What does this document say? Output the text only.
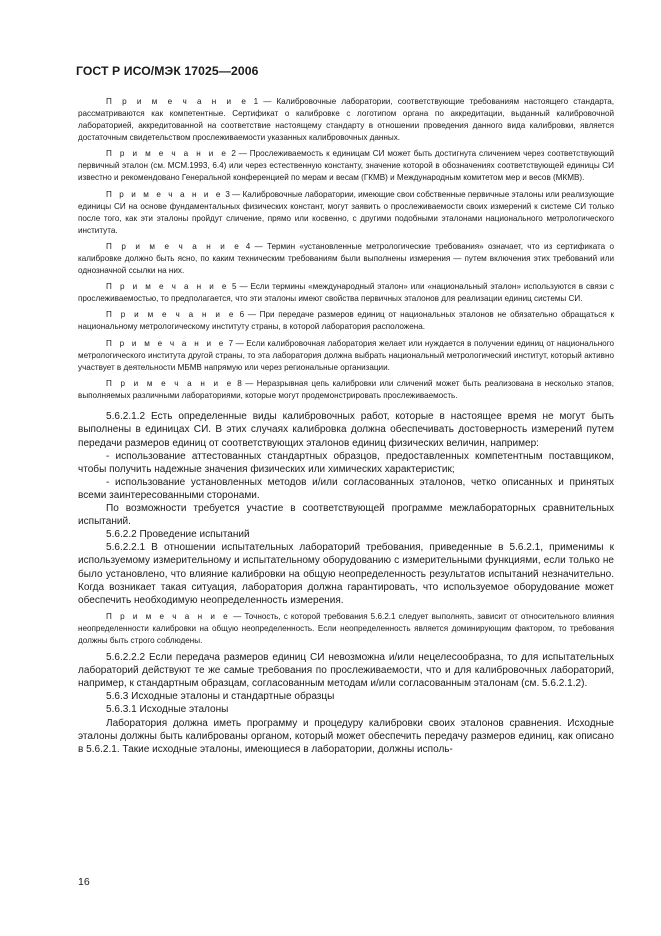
ГОСТ Р ИСО/МЭК 17025—2006

П р и м е ч а н и е 1 — Калибровочные лаборатории, соответствующие требованиям настоящего стандарта, рассматриваются как компетентные. Сертификат о калибровке с логотипом органа по аккредитации, выданный калибровочной лабораторией, аккредитованной на соответствие настоящему стандарту в отношении проведения данного вида калибровки, является достаточным свидетельством прослеживаемости указанных калибровочных данных.

П р и м е ч а н и е 2 — Прослеживаемость к единицам СИ может быть достигнута сличением через соответствующий первичный эталон (см. МСМ.1993, 6.4) или через естественную константу, значение которой в обозначениях соответствующей единицы СИ известно и рекомендовано Генеральной конференцией по мерам и весам (ГКМВ) и Международным комитетом мер и весов (МКМВ).

П р и м е ч а н и е 3 — Калибровочные лаборатории, имеющие свои собственные первичные эталоны или реализующие единицы СИ на основе фундаментальных физических констант, могут заявить о прослеживаемости своих измерений к системе СИ только после того, как эти эталоны пройдут сличение, прямо или косвенно, с другими подобными эталонами национального метрологического института.

П р и м е ч а н и е 4 — Термин «установленные метрологические требования» означает, что из сертификата о калибровке должно быть ясно, по каким техническим требованиям были выполнены измерения — путем включения этих требований или однозначной ссылки на них.

П р и м е ч а н и е 5 — Если термины «международный эталон» или «национальный эталон» используются в связи с прослеживаемостью, то предполагается, что эти эталоны имеют свойства первичных эталонов для реализации единиц системы СИ.

П р и м е ч а н и е 6 — При передаче размеров единиц от национальных эталонов не обязательно обращаться к национальному метрологическому институту страны, в которой лаборатория расположена.

П р и м е ч а н и е 7 — Если калибровочная лаборатория желает или нуждается в получении единиц от национального метрологического института другой страны, то эта лаборатория должна выбрать национальный метрологический институт, который активно участвует в деятельности МБМВ напрямую или через региональные организации.

П р и м е ч а н и е 8 — Неразрывная цепь калибровки или сличений может быть реализована в несколько этапов, выполняемых различными лабораториями, которые могут продемонстрировать прослеживаемость.

5.6.2.1.2 Есть определенные виды калибровочных работ, которые в настоящее время не могут быть выполнены в единицах СИ. В этих случаях калибровка должна обеспечивать достоверность измерений путем передачи размеров единиц от соответствующих эталонов единиц физических величин, например:

- использование аттестованных стандартных образцов, предоставленных компетентным поставщиком, чтобы получить надежные значения физических или химических характеристик;

- использование установленных методов и/или согласованных эталонов, четко описанных и принятых всеми заинтересованными сторонами.

По возможности требуется участие в соответствующей программе межлабораторных сравнительных испытаний.

5.6.2.2 Проведение испытаний

5.6.2.2.1 В отношении испытательных лабораторий требования, приведенные в 5.6.2.1, применимы к используемому измерительному и испытательному оборудованию с измерительными функциями, если только не было установлено, что влияние калибровки на общую неопределенность результатов испытаний незначительно. Когда возникает такая ситуация, лаборатория должна гарантировать, что используемое оборудование может обеспечить необходимую неопределенность измерения.

П р и м е ч а н и е — Точность, с которой требования 5.6.2.1 следует выполнять, зависит от относительного влияния неопределенности калибровки на общую неопределенность. Если неопределенность является доминирующим фактором, то требования должны быть строго соблюдены.

5.6.2.2.2 Если передача размеров единиц СИ невозможна и/или нецелесообразна, то для испытательных лабораторий действуют те же самые требования по прослеживаемости, что и для калибровочных лабораторий, например, к стандартным образцам, согласованным методам и/или согласованным эталонам (см. 5.6.2.1.2).

5.6.3 Исходные эталоны и стандартные образцы

5.6.3.1 Исходные эталоны

Лаборатория должна иметь программу и процедуру калибровки своих эталонов сравнения. Исходные эталоны должны быть калиброваны органом, который может обеспечить передачу размеров единиц, как описано в 5.6.2.1. Такие исходные эталоны, имеющиеся в лаборатории, должны исполь-

16
